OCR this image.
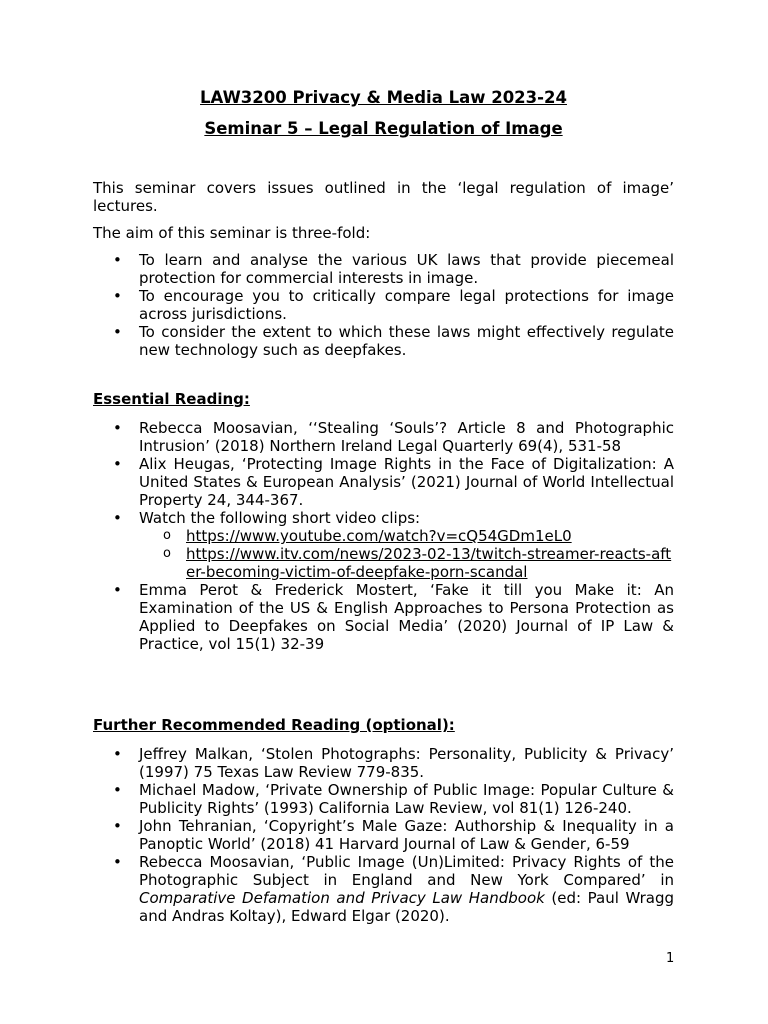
LAW3200 Privacy & Media Law 2023-24
Seminar 5 – Legal Regulation of Image

This seminar covers issues outlined in the ‘legal regulation of image’ lectures.

The aim of this seminar is three-fold:

• To learn and analyse the various UK laws that provide piecemeal protection for commercial interests in image.
• To encourage you to critically compare legal protections for image across jurisdictions.
• To consider the extent to which these laws might effectively regulate new technology such as deepfakes.

Essential Reading:

• Rebecca Moosavian, ‘‘Stealing ‘Souls’? Article 8 and Photographic Intrusion’ (2018) Northern Ireland Legal Quarterly 69(4), 531-58
• Alix Heugas, ‘Protecting Image Rights in the Face of Digitalization: A United States & European Analysis’ (2021) Journal of World Intellectual Property 24, 344-367.
• Watch the following short video clips:
o https://www.youtube.com/watch?v=cQ54GDm1eL0
o https://www.itv.com/news/2023-02-13/twitch-streamer-reacts-after-becoming-victim-of-deepfake-porn-scandal
• Emma Perot & Frederick Mostert, ‘Fake it till you Make it: An Examination of the US & English Approaches to Persona Protection as Applied to Deepfakes on Social Media’ (2020) Journal of IP Law & Practice, vol 15(1) 32-39

Further Recommended Reading (optional):

• Jeffrey Malkan, ‘Stolen Photographs: Personality, Publicity & Privacy’ (1997) 75 Texas Law Review 779-835.
• Michael Madow, ‘Private Ownership of Public Image: Popular Culture & Publicity Rights’ (1993) California Law Review, vol 81(1) 126-240.
• John Tehranian, ‘Copyright’s Male Gaze: Authorship & Inequality in a Panoptic World’ (2018) 41 Harvard Journal of Law & Gender, 6-59
• Rebecca Moosavian, ‘Public Image (Un)Limited: Privacy Rights of the Photographic Subject in England and New York Compared’ in Comparative Defamation and Privacy Law Handbook (ed: Paul Wragg and Andras Koltay), Edward Elgar (2020).
1
